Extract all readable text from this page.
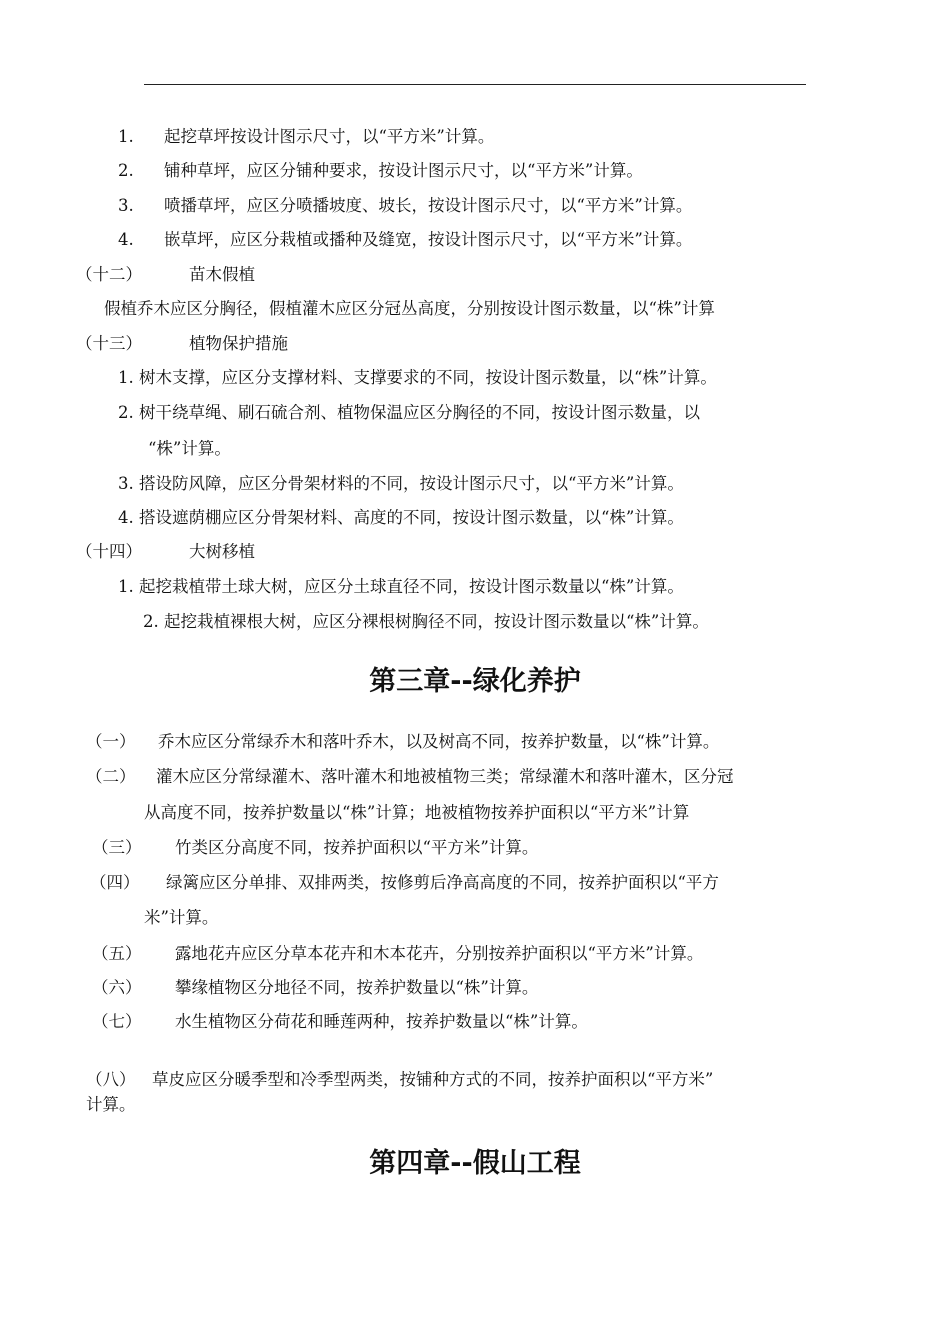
1. 起挖草坪按设计图示尺寸，以“平方米”计算。
2. 铺种草坪，应区分铺种要求，按设计图示尺寸，以“平方米”计算。
3. 喷播草坪，应区分喷播坡度、坡长，按设计图示尺寸，以“平方米”计算。
4. 嵌草坪，应区分栽植或播种及缝宽，按设计图示尺寸，以“平方米”计算。
（十二）	苗木假植
假植乔木应区分胸径，假植灌木应区分冠丛高度，分别按设计图示数量，以“株”计算
（十三）	植物保护措施
1. 树木支撑，应区分支撑材料、支撑要求的不同，按设计图示数量，以“株”计算。
2. 树干绕草绳、刷石硫合剂、植物保温应区分胸径的不同，按设计图示数量，以
“株”计算。
3. 搭设防风障，应区分骨架材料的不同，按设计图示尺寸，以“平方米”计算。
4. 搭设遮荫棚应区分骨架材料、高度的不同，按设计图示数量，以“株”计算。
（十四）	大树移植
1. 起挖栽植带土球大树，应区分土球直径不同，按设计图示数量以“株”计算。
2. 起挖栽植裸根大树，应区分裸根树胸径不同，按设计图示数量以“株”计算。
第三章--绿化养护
（一） 乔木应区分常绿乔木和落叶乔木，以及树高不同，按养护数量，以“株”计算。
（二） 灌木应区分常绿灌木、落叶灌木和地被植物三类；常绿灌木和落叶灌木，区分冠
从高度不同，按养护数量以“株”计算；地被植物按养护面积以“平方米”计算
（三） 竹类区分高度不同，按养护面积以“平方米”计算。
（四） 绿篱应区分单排、双排两类，按修剪后净高高度的不同，按养护面积以“平方
米”计算。
（五） 露地花卉应区分草本花卉和木本花卉，分别按养护面积以“平方米”计算。
（六） 攀缘植物区分地径不同，按养护数量以“株”计算。
（七） 水生植物区分荷花和睡莲两种，按养护数量以“株”计算。
（八） 草皮应区分暖季型和冷季型两类，按铺种方式的不同，按养护面积以“平方米”
计算。
第四章--假山工程
